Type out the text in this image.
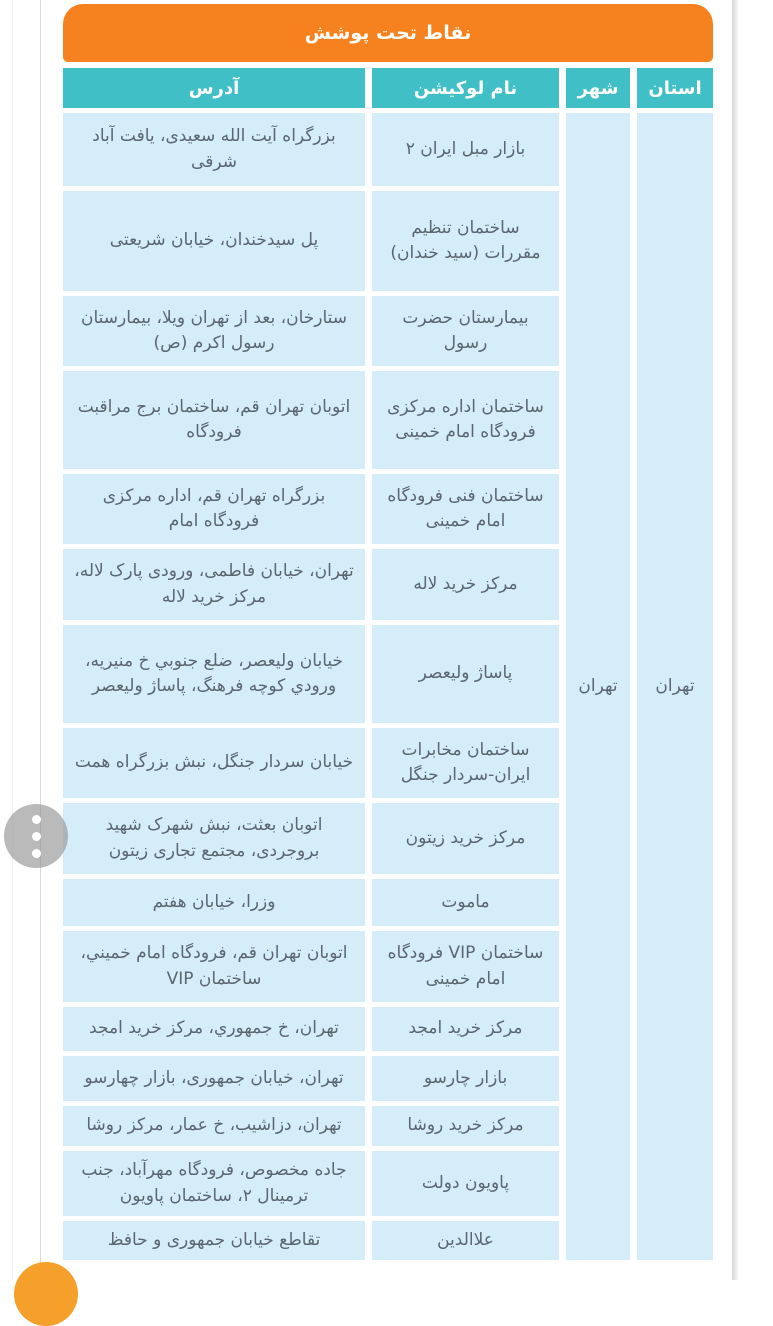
نقاط تحت پوشش
استان
شهر
نام لوکیشن
آدرس
تهران
تهران
بازار مبل ایران ۲
بزرگراه آیت الله سعیدی، یافت آباد شرقی
ساختمان تنظیم مقررات (سید خندان)
پل سیدخندان، خیابان شریعتی
بیمارستان حضرت رسول
ستارخان، بعد از تهران ویلا، بیمارستان رسول اکرم (ص)
ساختمان اداره مرکزی فرودگاه امام خمینی
اتوبان تهران قم، ساختمان برج مراقبت فرودگاه
ساختمان فنی فرودگاه امام خمینی
بزرگراه تهران قم، اداره مرکزی فرودگاه امام
مرکز خرید لاله
تهران، خیابان فاطمی، ورودی پارک لاله، مرکز خرید لاله
پاساژ ولیعصر
خیابان ولیعصر، ضلع جنوبي خ منیریه، ورودي کوچه فرهنگ، پاساژ ولیعصر
ساختمان مخابرات ایران-سردار جنگل
خیابان سردار جنگل، نبش بزرگراه همت
مرکز خرید زیتون
اتوبان بعثت، نبش شهرک شهید بروجردی، مجتمع تجاری زیتون
ماموت
وزرا، خیابان هفتم
ساختمان VIP فرودگاه امام خمینی
اتوبان تهران قم، فرودگاه امام خمیني، ساختمان VIP
مرکز خرید امجد
تهران، خ جمهوري، مرکز خرید امجد
بازار چارسو
تهران، خیابان جمهوری، بازار چهارسو
مرکز خرید روشا
تهران، دزاشیب، خ عمار، مرکز روشا
پاویون دولت
جاده مخصوص، فرودگاه مهرآباد، جنب ترمینال ۲، ساختمان پاویون
علاالدین
تقاطع خیابان جمهوری و حافظ
